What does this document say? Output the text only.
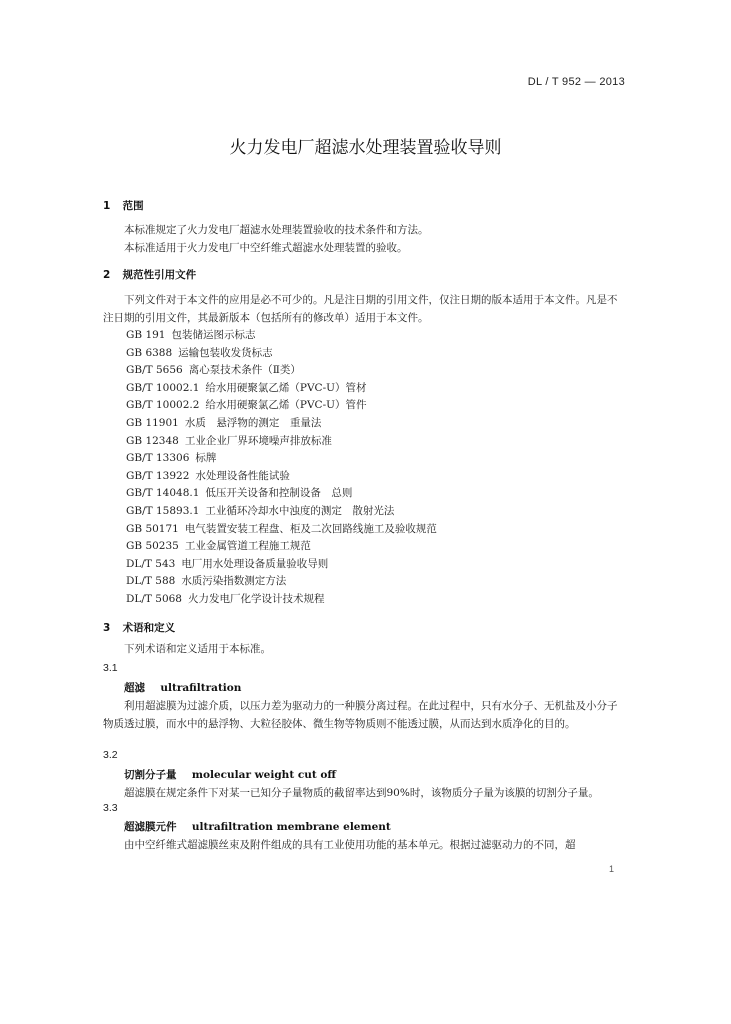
DL / T 952 — 2013
火力发电厂超滤水处理装置验收导则
1 范围
本标准规定了火力发电厂超滤水处理装置验收的技术条件和方法。
本标准适用于火力发电厂中空纤维式超滤水处理装置的验收。
2 规范性引用文件
下列文件对于本文件的应用是必不可少的。凡是注日期的引用文件，仅注日期的版本适用于本文件。凡是不注日期的引用文件，其最新版本（包括所有的修改单）适用于本文件。
GB 191 包装储运图示标志
GB 6388 运输包装收发货标志
GB/T 5656 离心泵技术条件（Ⅱ类）
GB/T 10002.1 给水用硬聚氯乙烯（PVC-U）管材
GB/T 10002.2 给水用硬聚氯乙烯（PVC-U）管件
GB 11901 水质　悬浮物的测定　重量法
GB 12348 工业企业厂界环境噪声排放标准
GB/T 13306 标牌
GB/T 13922 水处理设备性能试验
GB/T 14048.1 低压开关设备和控制设备　总则
GB/T 15893.1 工业循环冷却水中浊度的测定　散射光法
GB 50171 电气装置安装工程盘、柜及二次回路线施工及验收规范
GB 50235 工业金属管道工程施工规范
DL/T 543 电厂用水处理设备质量验收导则
DL/T 588 水质污染指数测定方法
DL/T 5068 火力发电厂化学设计技术规程
3 术语和定义
下列术语和定义适用于本标准。
3.1
超滤 ultrafiltration
利用超滤膜为过滤介质，以压力差为驱动力的一种膜分离过程。在此过程中，只有水分子、无机盐及小分子物质透过膜，而水中的悬浮物、大粒径胶体、微生物等物质则不能透过膜，从而达到水质净化的目的。
3.2
切割分子量 molecular weight cut off
超滤膜在规定条件下对某一已知分子量物质的截留率达到90%时，该物质分子量为该膜的切割分子量。
3.3
超滤膜元件 ultrafiltration membrane element
由中空纤维式超滤膜丝束及附件组成的具有工业使用功能的基本单元。根据过滤驱动力的不同，超
1
